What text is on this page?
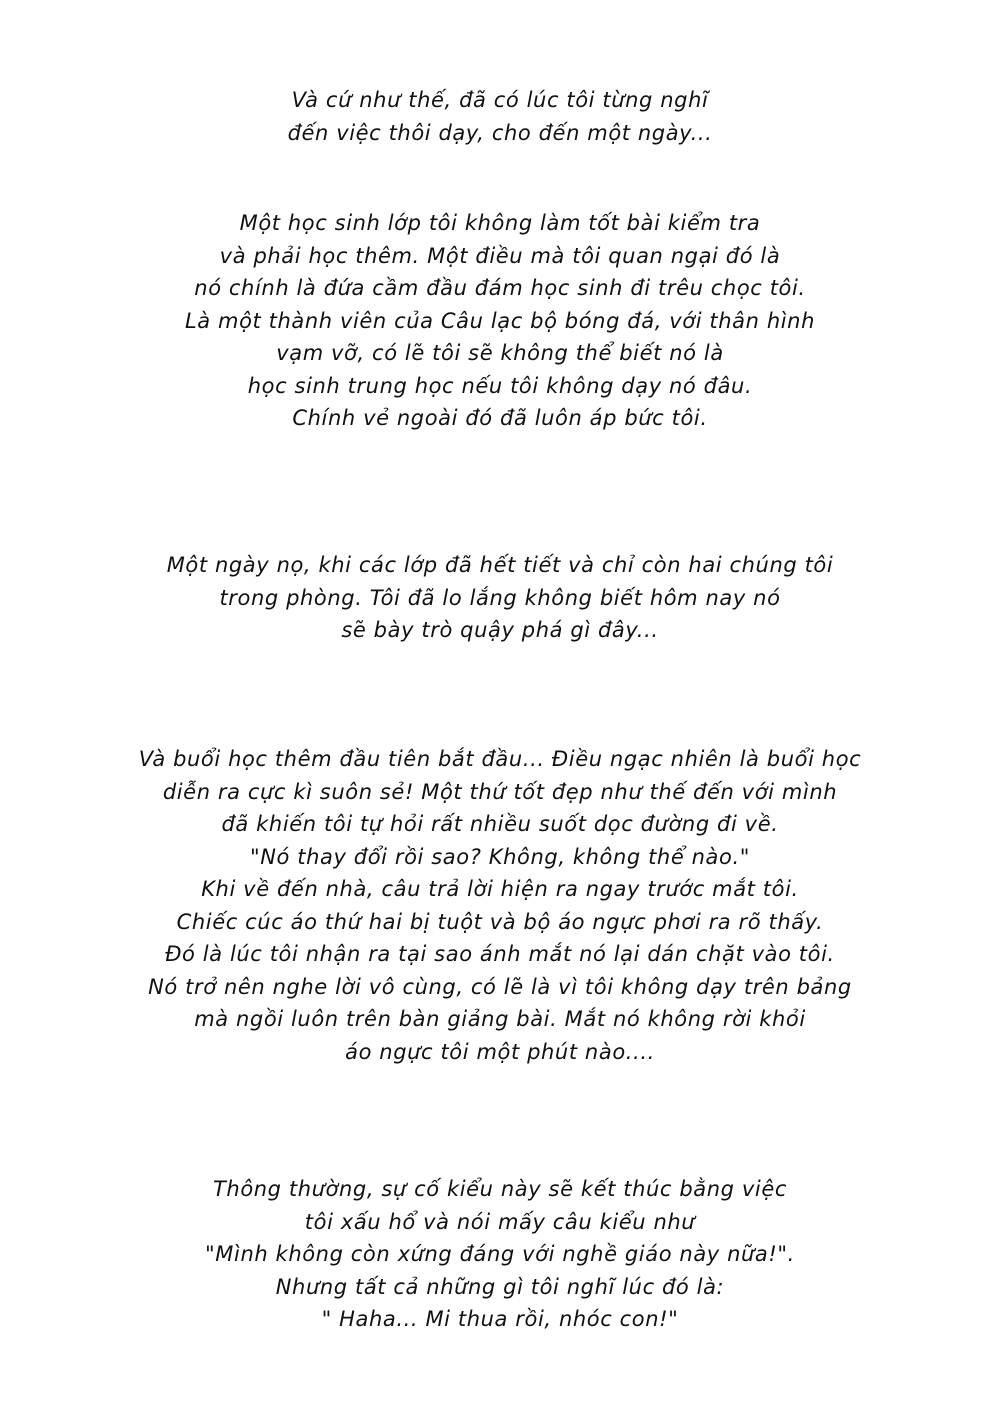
Và cứ như thế, đã có lúc tôi từng nghĩ
đến việc thôi dạy, cho đến một ngày...
Một học sinh lớp tôi không làm tốt bài kiểm tra
và phải học thêm. Một điều mà tôi quan ngại đó là
nó chính là đứa cầm đầu đám học sinh đi trêu chọc tôi.
Là một thành viên của Câu lạc bộ bóng đá, với thân hình
vạm vỡ, có lẽ tôi sẽ không thể biết nó là
học sinh trung học nếu tôi không dạy nó đâu.
Chính vẻ ngoài đó đã luôn áp bức tôi.
Một ngày nọ, khi các lớp đã hết tiết và chỉ còn hai chúng tôi
trong phòng. Tôi đã lo lắng không biết hôm nay nó
sẽ bày trò quậy phá gì đây...
Và buổi học thêm đầu tiên bắt đầu... Điều ngạc nhiên là buổi học
diễn ra cực kì suôn sẻ! Một thứ tốt đẹp như thế đến với mình
đã khiến tôi tự hỏi rất nhiều suốt dọc đường đi về.
"Nó thay đổi rồi sao? Không, không thể nào."
Khi về đến nhà, câu trả lời hiện ra ngay trước mắt tôi.
Chiếc cúc áo thứ hai bị tuột và bộ áo ngực phơi ra rõ thấy.
Đó là lúc tôi nhận ra tại sao ánh mắt nó lại dán chặt vào tôi.
Nó trở nên nghe lời vô cùng, có lẽ là vì tôi không dạy trên bảng
mà ngồi luôn trên bàn giảng bài. Mắt nó không rời khỏi
áo ngực tôi một phút nào....
Thông thường, sự cố kiểu này sẽ kết thúc bằng việc
tôi xấu hổ và nói mấy câu kiểu như
"Mình không còn xứng đáng với nghề giáo này nữa!".
Nhưng tất cả những gì tôi nghĩ lúc đó là:
" Haha... Mi thua rồi, nhóc con!"
